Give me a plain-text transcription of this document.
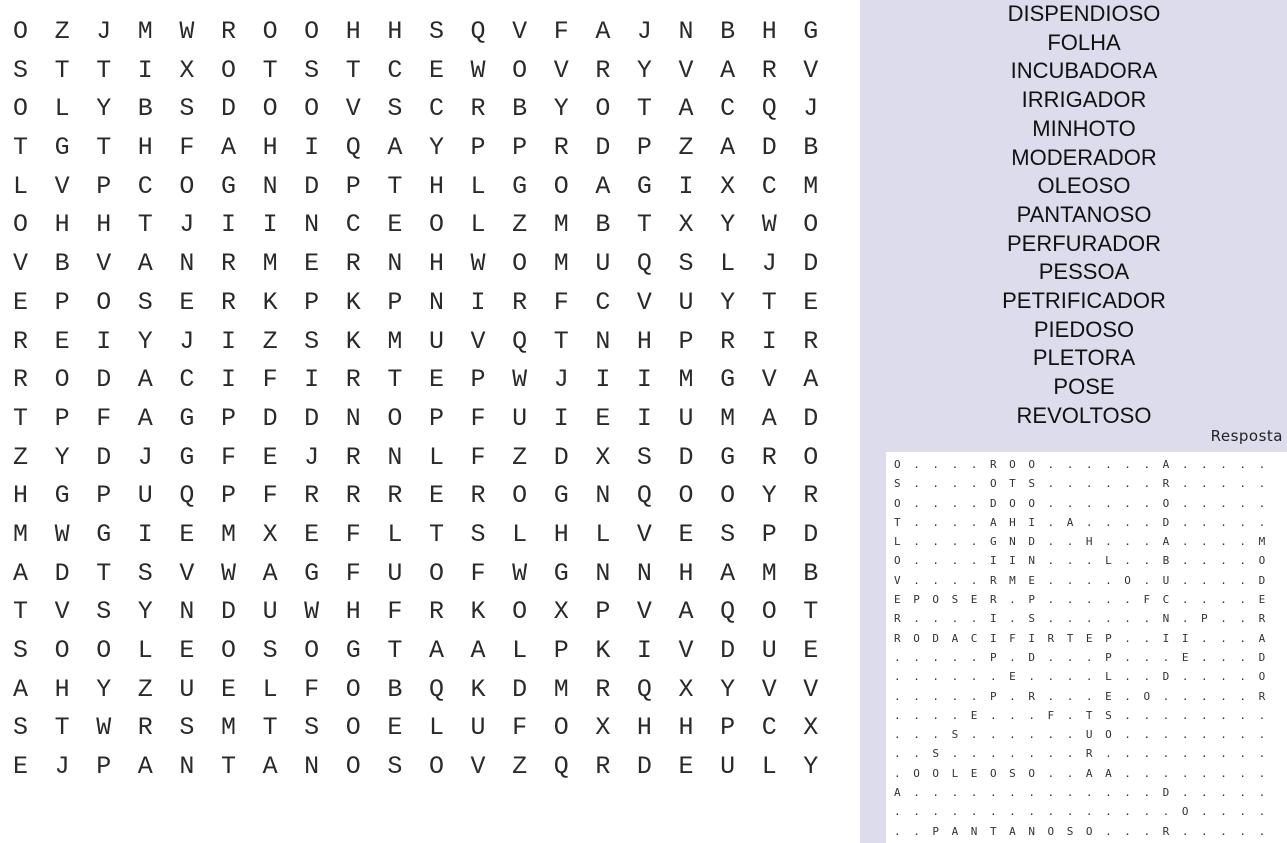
O	Z	J	M	W	R	O	O	H	H	S	Q	V	F	A	J	N	B	H	G
S	T	T	I	X	O	T	S	T	C	E	W	O	V	R	Y	V	A	R	V
O	L	Y	B	S	D	O	O	V	S	C	R	B	Y	O	T	A	C	Q	J
T	G	T	H	F	A	H	I	Q	A	Y	P	P	R	D	P	Z	A	D	B
L	V	P	C	O	G	N	D	P	T	H	L	G	O	A	G	I	X	C	M
O	H	H	T	J	I	I	N	C	E	O	L	Z	M	B	T	X	Y	W	O
V	B	V	A	N	R	M	E	R	N	H	W	O	M	U	Q	S	L	J	D
E	P	O	S	E	R	K	P	K	P	N	I	R	F	C	V	U	Y	T	E
R	E	I	Y	J	I	Z	S	K	M	U	V	Q	T	N	H	P	R	I	R
R	O	D	A	C	I	F	I	R	T	E	P	W	J	I	I	M	G	V	A
T	P	F	A	G	P	D	D	N	O	P	F	U	I	E	I	U	M	A	D
Z	Y	D	J	G	F	E	J	R	N	L	F	Z	D	X	S	D	G	R	O
H	G	P	U	Q	P	F	R	R	R	E	R	O	G	N	Q	O	O	Y	R
M	W	G	I	E	M	X	E	F	L	T	S	L	H	L	V	E	S	P	D
A	D	T	S	V	W	A	G	F	U	O	F	W	G	N	N	H	A	M	B
T	V	S	Y	N	D	U	W	H	F	R	K	O	X	P	V	A	Q	O	T
S	O	O	L	E	O	S	O	G	T	A	A	L	P	K	I	V	D	U	E
A	H	Y	Z	U	E	L	F	O	B	Q	K	D	M	R	Q	X	Y	V	V
S	T	W	R	S	M	T	S	O	E	L	U	F	O	X	H	H	P	C	X
E	J	P	A	N	T	A	N	O	S	O	V	Z	Q	R	D	E	U	L	Y
DISPENDIOSO
FOLHA
INCUBADORA
IRRIGADOR
MINHOTO
MODERADOR
OLEOSO
PANTANOSO
PERFURADOR
PESSOA
PETRIFICADOR
PIEDOSO
PLETORA
POSE
REVOLTOSO
Resposta
O	.	.	.	.	R	O	O	.	.	.	.	.	.	A	.	.	.	.	.
S	.	.	.	.	O	T	S	.	.	.	.	.	.	R	.	.	.	.	.
O	.	.	.	.	D	O	O	.	.	.	.	.	.	O	.	.	.	.	.
T	.	.	.	.	A	H	I	.	A	.	.	.	.	D	.	.	.	.	.
L	.	.	.	.	G	N	D	.	.	H	.	.	.	A	.	.	.	.	M
O	.	.	.	.	I	I	N	.	.	.	L	.	.	B	.	.	.	.	O
V	.	.	.	.	R	M	E	.	.	.	.	O	.	U	.	.	.	.	D
E	P	O	S	E	R	.	P	.	.	.	.	.	F	C	.	.	.	.	E
R	.	.	.	.	I	.	S	.	.	.	.	.	.	N	.	P	.	.	R
R	O	D	A	C	I	F	I	R	T	E	P	.	.	I	I	.	.	.	A
.	.	.	.	.	P	.	D	.	.	.	P	.	.	.	E	.	.	.	D
.	.	.	.	.	.	E	.	.	.	.	L	.	.	D	.	.	.	.	O
.	.	.	.	.	P	.	R	.	.	.	E	.	O	.	.	.	.	.	R
.	.	.	.	E	.	.	.	F	.	T	S	.	.	.	.	.	.	.	.
.	.	.	S	.	.	.	.	.	.	U	O	.	.	.	.	.	.	.	.
.	.	S	.	.	.	.	.	.	.	R	.	.	.	.	.	.	.	.	.
.	O	O	L	E	O	S	O	.	.	A	A	.	.	.	.	.	.	.	.
A	.	.	.	.	.	.	.	.	.	.	.	.	.	D	.	.	.	.	.
.	.	.	.	.	.	.	.	.	.	.	.	.	.	.	O	.	.	.	.
.	.	P	A	N	T	A	N	O	S	O	.	.	.	R	.	.	.	.	.
